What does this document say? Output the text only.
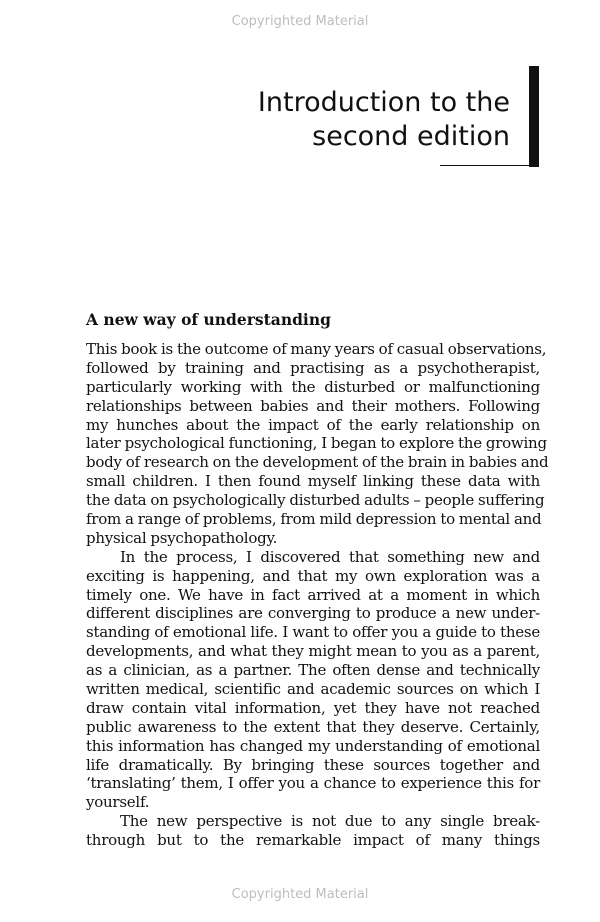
Copyrighted Material
Introduction to the
second edition
A new way of understanding
This book is the outcome of many years of casual observations,
followed by training and practising as a psychotherapist,
particularly working with the disturbed or malfunctioning
relationships between babies and their mothers. Following
my hunches about the impact of the early relationship on
later psychological functioning, I began to explore the growing
body of research on the development of the brain in babies and
small children. I then found myself linking these data with
the data on psychologically disturbed adults – people suffering
from a range of problems, from mild depression to mental and
physical psychopathology.
In the process, I discovered that something new and
exciting is happening, and that my own exploration was a
timely one. We have in fact arrived at a moment in which
different disciplines are converging to produce a new under-
standing of emotional life. I want to offer you a guide to these
developments, and what they might mean to you as a parent,
as a clinician, as a partner. The often dense and technically
written medical, scientific and academic sources on which I
draw contain vital information, yet they have not reached
public awareness to the extent that they deserve. Certainly,
this information has changed my understanding of emotional
life dramatically. By bringing these sources together and
‘translating’ them, I offer you a chance to experience this for
yourself.
The new perspective is not due to any single break-
through but to the remarkable impact of many things
Copyrighted Material
